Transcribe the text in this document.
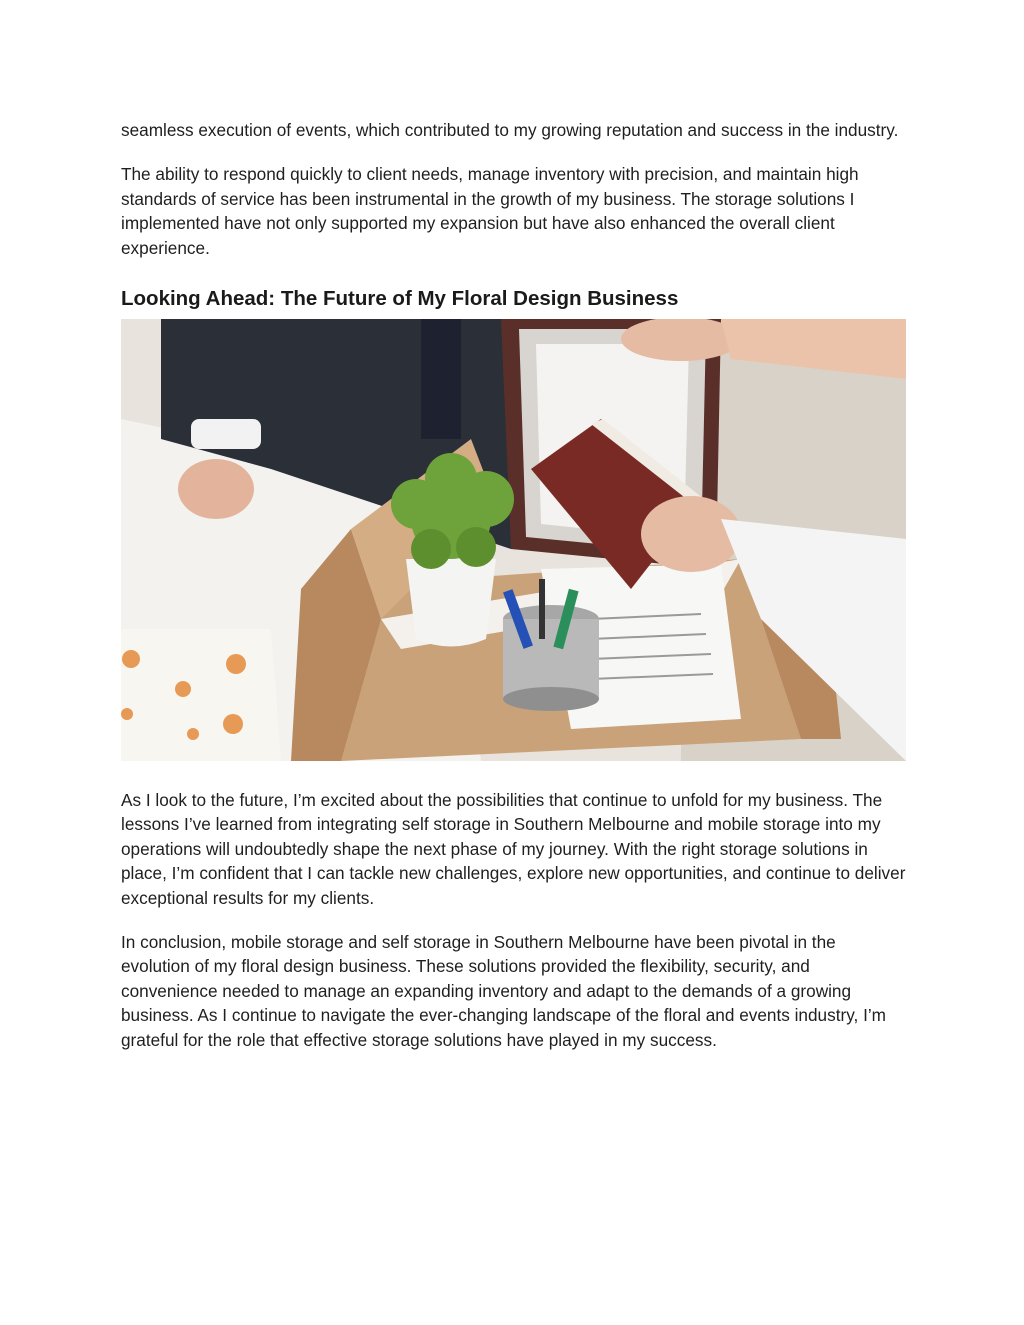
seamless execution of events, which contributed to my growing reputation and success in the industry.

The ability to respond quickly to client needs, manage inventory with precision, and maintain high standards of service has been instrumental in the growth of my business. The storage solutions I implemented have not only supported my expansion but have also enhanced the overall client experience.

Looking Ahead: The Future of My Floral Design Business

As I look to the future, I’m excited about the possibilities that continue to unfold for my business. The lessons I’ve learned from integrating self storage in Southern Melbourne and mobile storage into my operations will undoubtedly shape the next phase of my journey. With the right storage solutions in place, I’m confident that I can tackle new challenges, explore new opportunities, and continue to deliver exceptional results for my clients.

In conclusion, mobile storage and self storage in Southern Melbourne have been pivotal in the evolution of my floral design business. These solutions provided the flexibility, security, and convenience needed to manage an expanding inventory and adapt to the demands of a growing business. As I continue to navigate the ever-changing landscape of the floral and events industry, I’m grateful for the role that effective storage solutions have played in my success.
